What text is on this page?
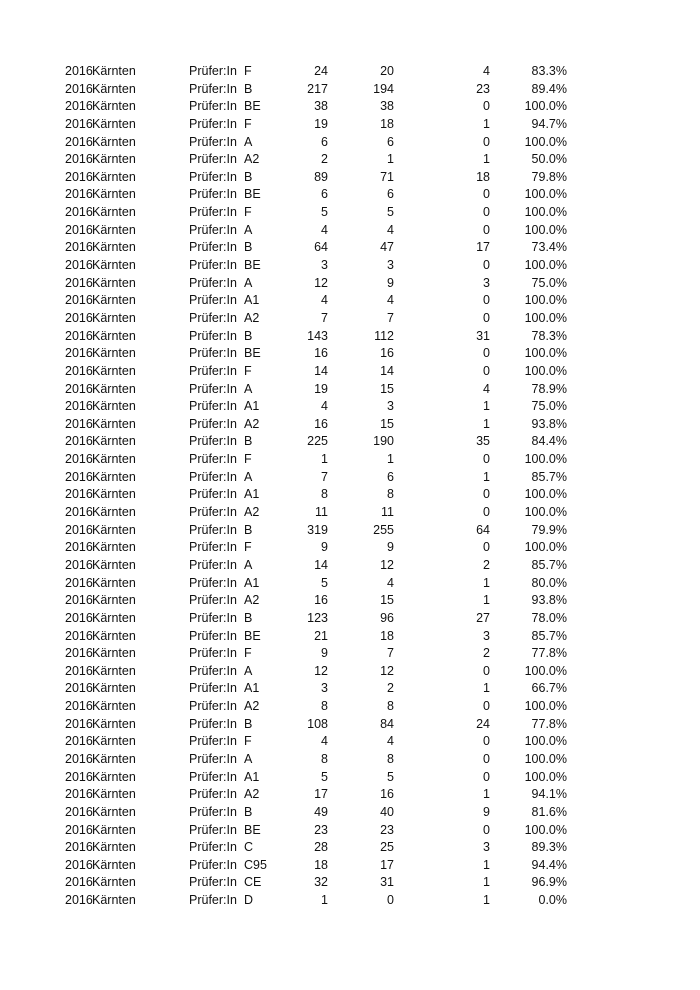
2016 Kärnten	Prüfer:In F	24	20	4	83.3%
2016 Kärnten	Prüfer:In B	217	194	23	89.4%
2016 Kärnten	Prüfer:In BE	38	38	0	100.0%
2016 Kärnten	Prüfer:In F	19	18	1	94.7%
2016 Kärnten	Prüfer:In A	6	6	0	100.0%
2016 Kärnten	Prüfer:In A2	2	1	1	50.0%
2016 Kärnten	Prüfer:In B	89	71	18	79.8%
2016 Kärnten	Prüfer:In BE	6	6	0	100.0%
2016 Kärnten	Prüfer:In F	5	5	0	100.0%
2016 Kärnten	Prüfer:In A	4	4	0	100.0%
2016 Kärnten	Prüfer:In B	64	47	17	73.4%
2016 Kärnten	Prüfer:In BE	3	3	0	100.0%
2016 Kärnten	Prüfer:In A	12	9	3	75.0%
2016 Kärnten	Prüfer:In A1	4	4	0	100.0%
2016 Kärnten	Prüfer:In A2	7	7	0	100.0%
2016 Kärnten	Prüfer:In B	143	112	31	78.3%
2016 Kärnten	Prüfer:In BE	16	16	0	100.0%
2016 Kärnten	Prüfer:In F	14	14	0	100.0%
2016 Kärnten	Prüfer:In A	19	15	4	78.9%
2016 Kärnten	Prüfer:In A1	4	3	1	75.0%
2016 Kärnten	Prüfer:In A2	16	15	1	93.8%
2016 Kärnten	Prüfer:In B	225	190	35	84.4%
2016 Kärnten	Prüfer:In F	1	1	0	100.0%
2016 Kärnten	Prüfer:In A	7	6	1	85.7%
2016 Kärnten	Prüfer:In A1	8	8	0	100.0%
2016 Kärnten	Prüfer:In A2	11	11	0	100.0%
2016 Kärnten	Prüfer:In B	319	255	64	79.9%
2016 Kärnten	Prüfer:In F	9	9	0	100.0%
2016 Kärnten	Prüfer:In A	14	12	2	85.7%
2016 Kärnten	Prüfer:In A1	5	4	1	80.0%
2016 Kärnten	Prüfer:In A2	16	15	1	93.8%
2016 Kärnten	Prüfer:In B	123	96	27	78.0%
2016 Kärnten	Prüfer:In BE	21	18	3	85.7%
2016 Kärnten	Prüfer:In F	9	7	2	77.8%
2016 Kärnten	Prüfer:In A	12	12	0	100.0%
2016 Kärnten	Prüfer:In A1	3	2	1	66.7%
2016 Kärnten	Prüfer:In A2	8	8	0	100.0%
2016 Kärnten	Prüfer:In B	108	84	24	77.8%
2016 Kärnten	Prüfer:In F	4	4	0	100.0%
2016 Kärnten	Prüfer:In A	8	8	0	100.0%
2016 Kärnten	Prüfer:In A1	5	5	0	100.0%
2016 Kärnten	Prüfer:In A2	17	16	1	94.1%
2016 Kärnten	Prüfer:In B	49	40	9	81.6%
2016 Kärnten	Prüfer:In BE	23	23	0	100.0%
2016 Kärnten	Prüfer:In C	28	25	3	89.3%
2016 Kärnten	Prüfer:In C95	18	17	1	94.4%
2016 Kärnten	Prüfer:In CE	32	31	1	96.9%
2016 Kärnten	Prüfer:In D	1	0	1	0.0%
